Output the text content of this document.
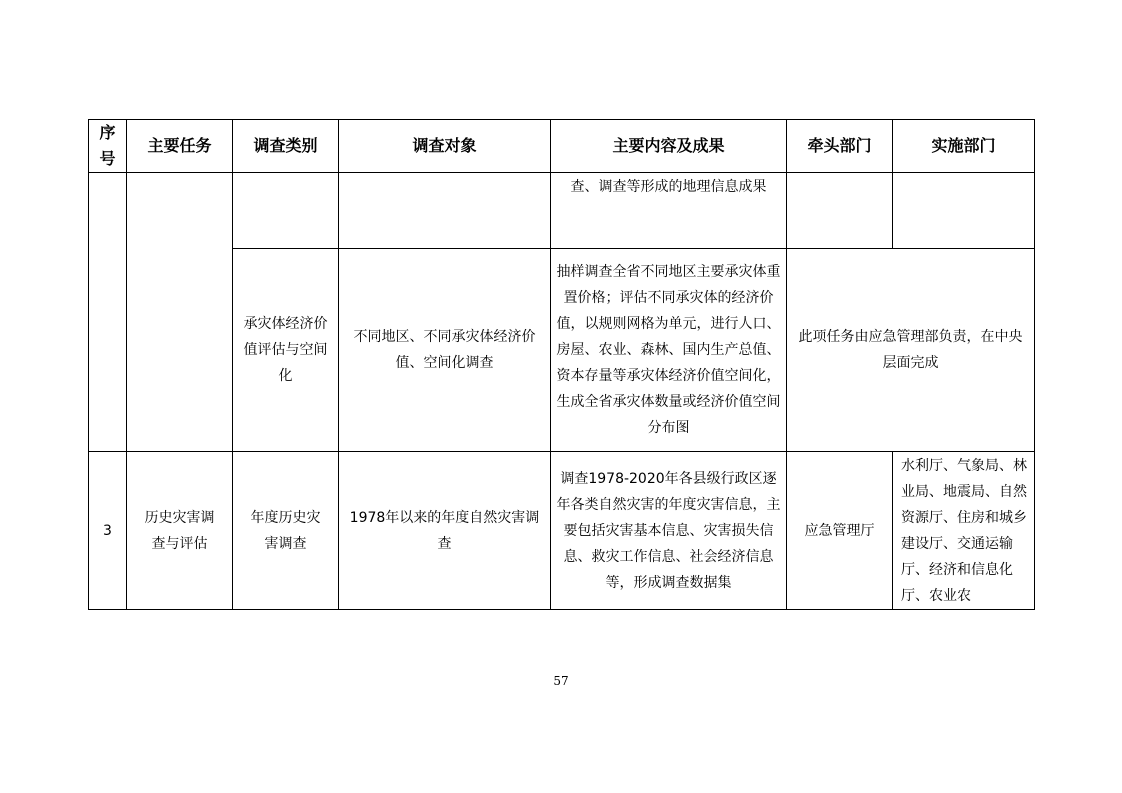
序号	主要任务	调查类别	调查对象	主要内容及成果	牵头部门	实施部门
				查、调查等形成的地理信息成果		
		承灾体经济价值评估与空间化	不同地区、不同承灾体经济价值、空间化调查	抽样调查全省不同地区主要承灾体重置价格；评估不同承灾体的经济价值，以规则网格为单元，进行人口、房屋、农业、森林、国内生产总值、资本存量等承灾体经济价值空间化，生成全省承灾体数量或经济价值空间分布图	此项任务由应急管理部负责，在中央层面完成	
3	历史灾害调查与评估	年度历史灾害调查	1978年以来的年度自然灾害调查	调查1978-2020年各县级行政区逐年各类自然灾害的年度灾害信息，主要包括灾害基本信息、灾害损失信息、救灾工作信息、社会经济信息等，形成调查数据集	应急管理厅	水利厅、气象局、林业局、地震局、自然资源厅、住房和城乡建设厅、交通运输厅、经济和信息化厅、农业农
57
